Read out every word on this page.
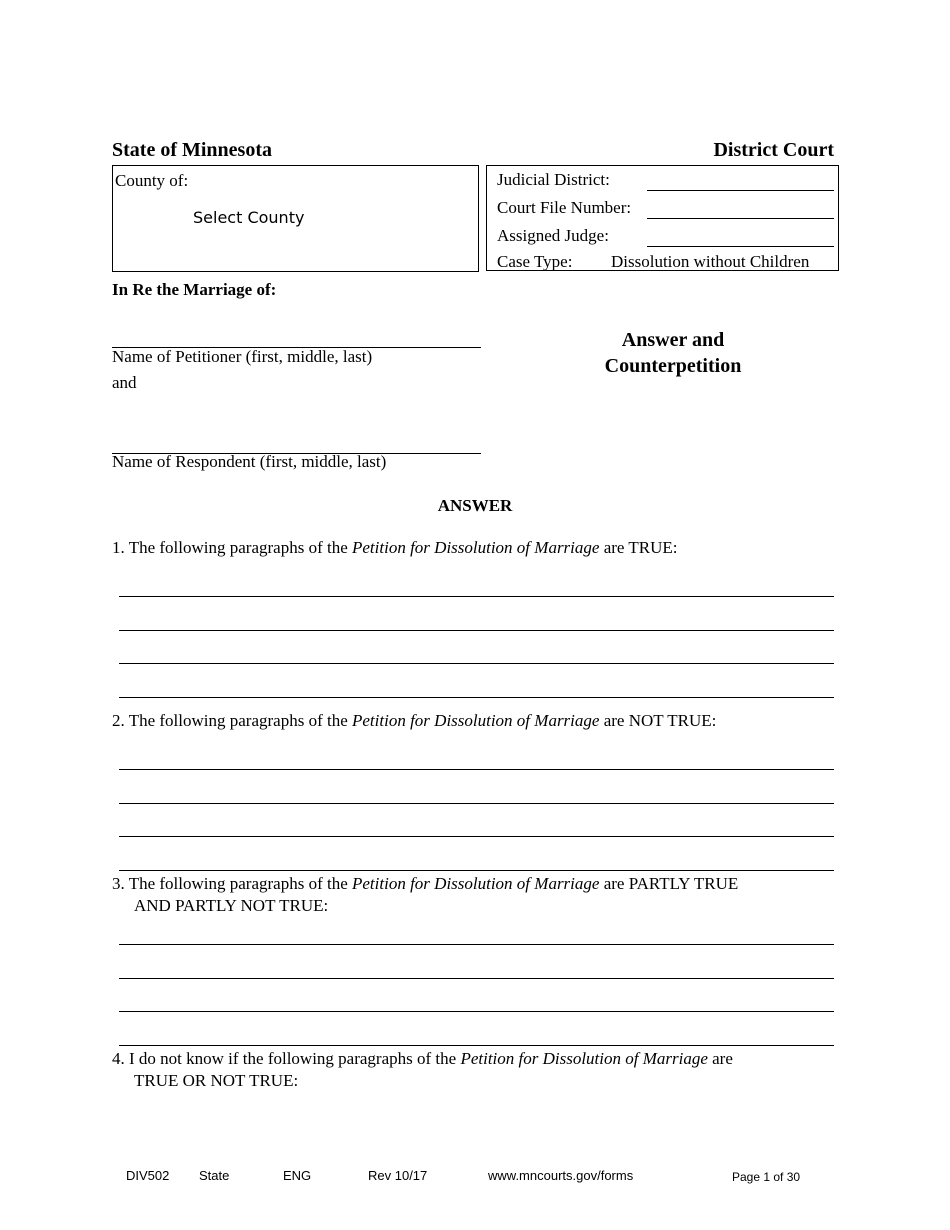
State of Minnesota	District Court
County of:
Select County	Judicial District:
Court File Number:
Assigned Judge:
Case Type: Dissolution without Children
In Re the Marriage of:
Name of Petitioner (first, middle, last)
and
Name of Respondent (first, middle, last)
Answer and
Counterpetition
ANSWER
1. The following paragraphs of the Petition for Dissolution of Marriage are TRUE:
2. The following paragraphs of the Petition for Dissolution of Marriage are NOT TRUE:
3. The following paragraphs of the Petition for Dissolution of Marriage are PARTLY TRUE
AND PARTLY NOT TRUE:
4. I do not know if the following paragraphs of the Petition for Dissolution of Marriage are
TRUE OR NOT TRUE:
DIV502 State	ENG	Rev 10/17	www.mncourts.gov/forms	Page 1 of 30
